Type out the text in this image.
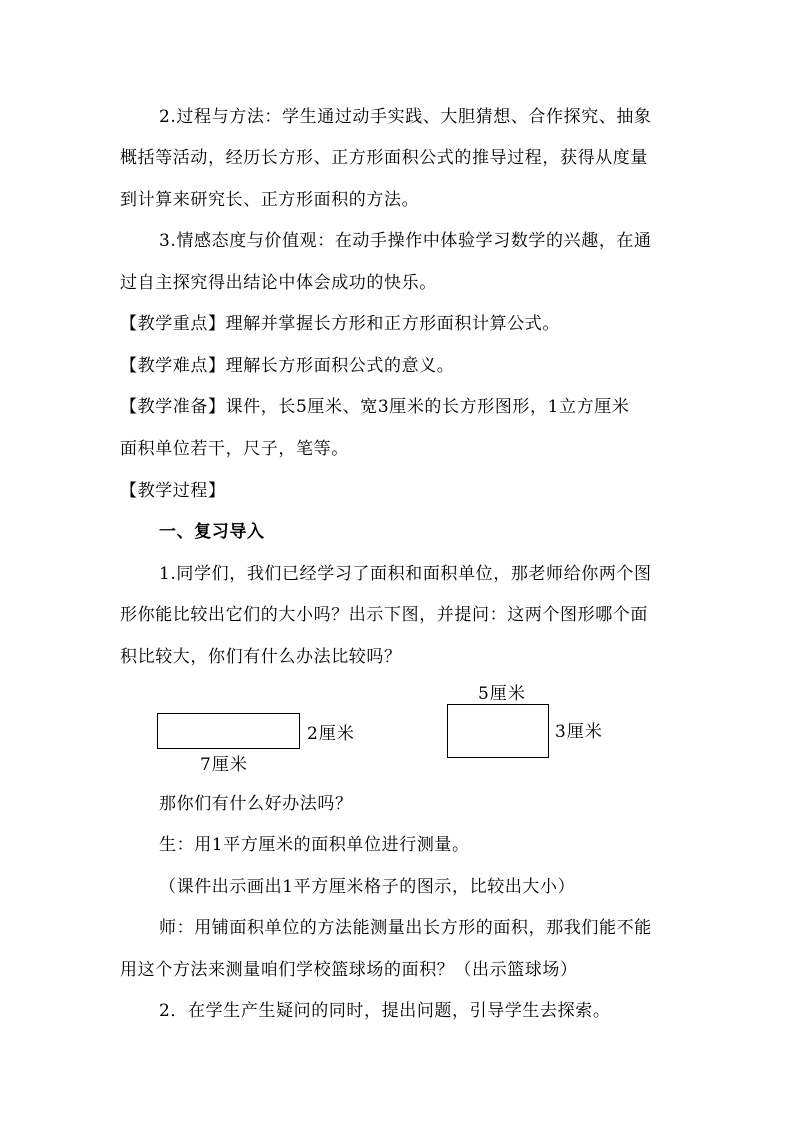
2.过程与方法：学生通过动手实践、大胆猜想、合作探究、抽象
概括等活动，经历长方形、正方形面积公式的推导过程，获得从度量
到计算来研究长、正方形面积的方法。
3.情感态度与价值观：在动手操作中体验学习数学的兴趣，在通
过自主探究得出结论中体会成功的快乐。
【教学重点】理解并掌握长方形和正方形面积计算公式。
【教学难点】理解长方形面积公式的意义。
【教学准备】课件，长5厘米、宽3厘米的长方形图形，1立方厘米
面积单位若干，尺子，笔等。
【教学过程】
一、复习导入
1.同学们，我们已经学习了面积和面积单位，那老师给你两个图
形你能比较出它们的大小吗？出示下图，并提问：这两个图形哪个面
积比较大，你们有什么办法比较吗？
2厘米
7厘米
5厘米
3厘米
那你们有什么好办法吗？
生：用1平方厘米的面积单位进行测量。
（课件出示画出1平方厘米格子的图示，比较出大小）
师：用铺面积单位的方法能测量出长方形的面积，那我们能不能
用这个方法来测量咱们学校篮球场的面积？（出示篮球场）
2．在学生产生疑问的同时，提出问题，引导学生去探索。
